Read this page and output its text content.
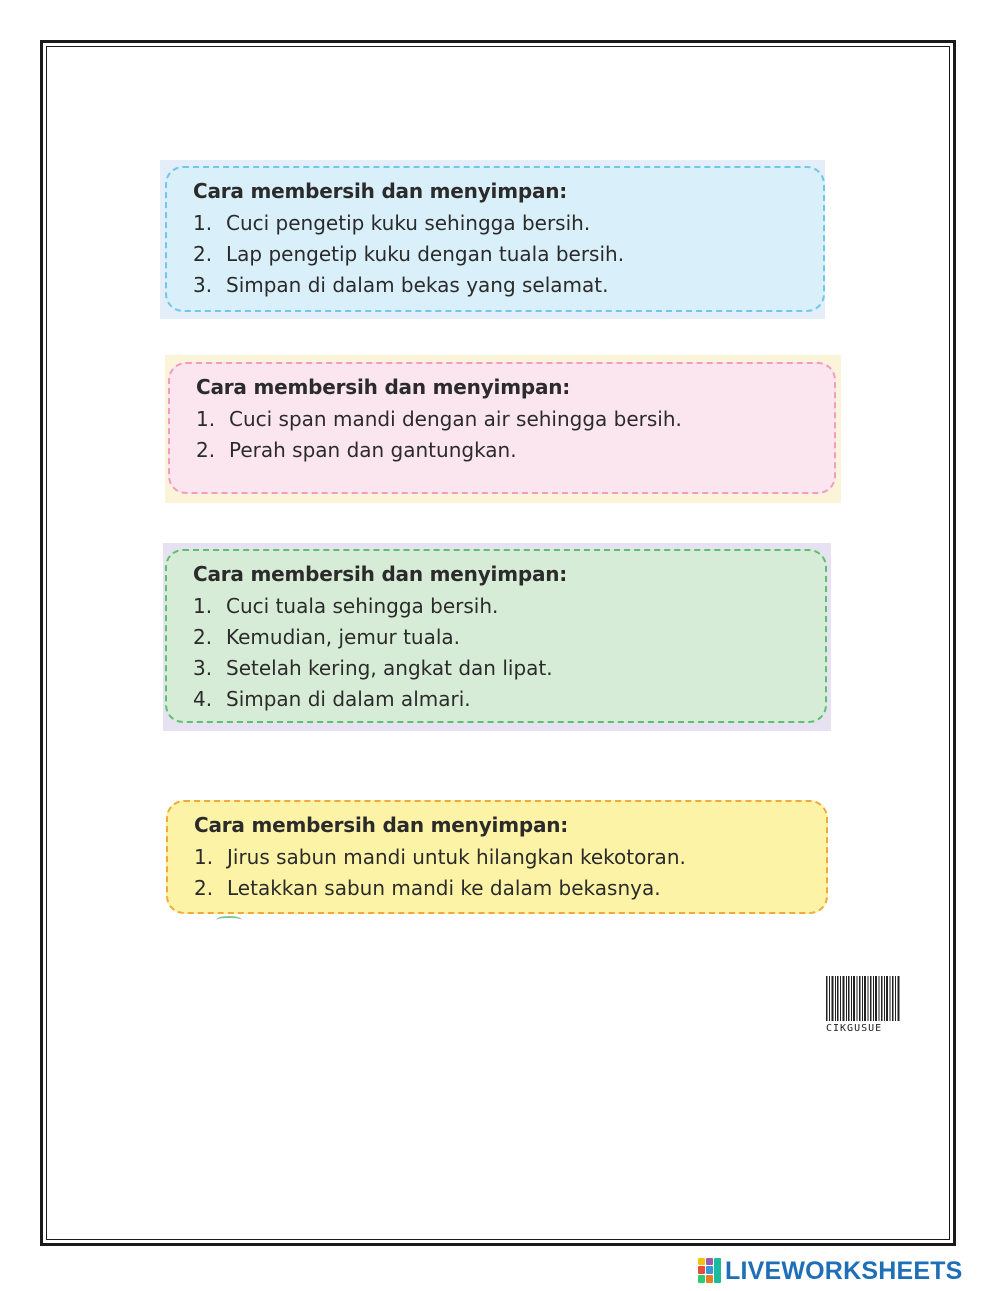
Cara membersih dan menyimpan:
1. Cuci pengetip kuku sehingga bersih.
2. Lap pengetip kuku dengan tuala bersih.
3. Simpan di dalam bekas yang selamat.
Cara membersih dan menyimpan:
1. Cuci span mandi dengan air sehingga bersih.
2. Perah span dan gantungkan.
Cara membersih dan menyimpan:
1. Cuci tuala sehingga bersih.
2. Kemudian, jemur tuala.
3. Setelah kering, angkat dan lipat.
4. Simpan di dalam almari.
Cara membersih dan menyimpan:
1. Jirus sabun mandi untuk hilangkan kekotoran.
2. Letakkan sabun mandi ke dalam bekasnya.
CIKGUSUE
LIVEWORKSHEETS
